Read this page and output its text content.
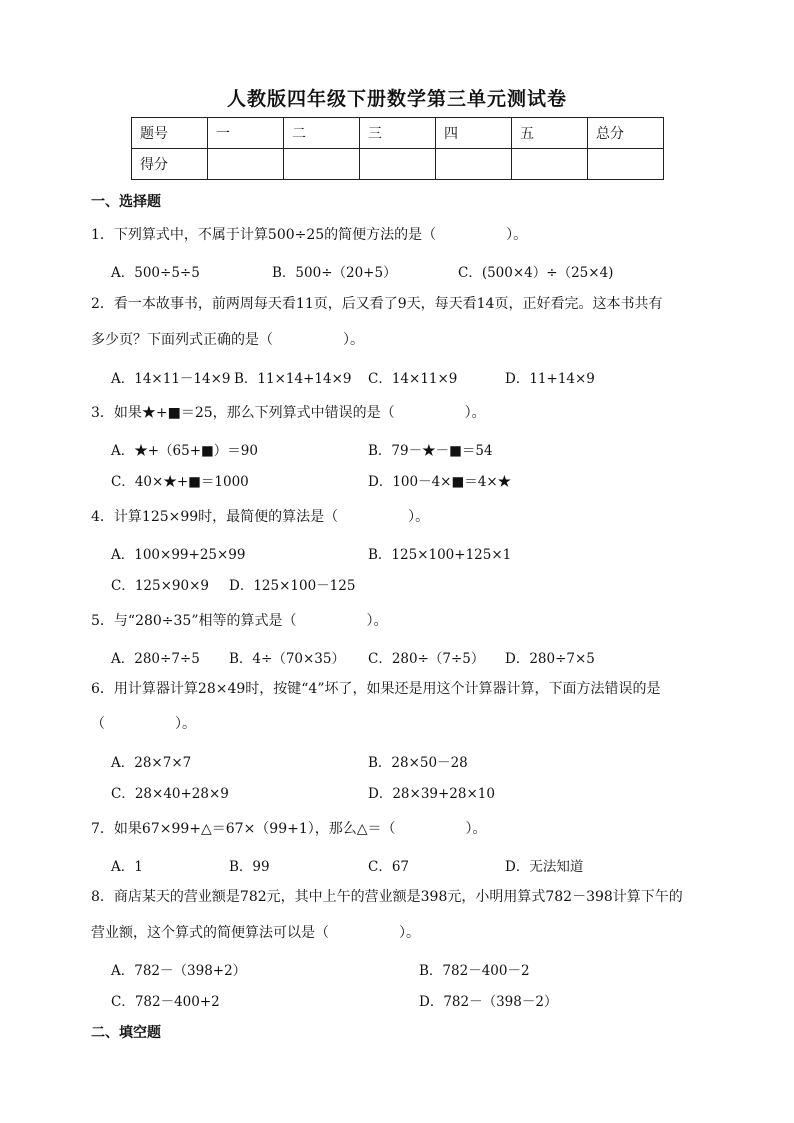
人教版四年级下册数学第三单元测试卷
题号	一	二	三	四	五	总分
得分						
一、选择题
1．下列算式中，不属于计算500÷25的简便方法的是（　　　　　）。
A．500÷5÷5	B．500÷（20+5）	C．(500×4）÷（25×4)
2．看一本故事书，前两周每天看11页，后又看了9天，每天看14页，正好看完。这本书共有
多少页？下面列式正确的是（　　　　　）。
A．14×11－14×9 B．11×14+14×9 C．14×11×9	D．11+14×9
3．如果★+■＝25，那么下列算式中错误的是（　　　　　）。
A．★+（65+■）＝90	B．79－★－■＝54
C．40×★+■＝1000	D．100－4×■＝4×★
4．计算125×99时，最简便的算法是（　　　　　）。
A．100×99+25×99	B．125×100+125×1
C．125×90×9 D．125×100－125
5．与“280÷35”相等的算式是（　　　　　）。
A．280÷7÷5 B．4÷（70×35） C．280÷（7÷5） D．280÷7×5
6．用计算器计算28×49时，按键“4”坏了，如果还是用这个计算器计算，下面方法错误的是
（　　　　　）。
A．28×7×7	B．28×50－28
C．28×40+28×9	D．28×39+28×10
7．如果67×99+△＝67×（99+1），那么△＝（　　　　　）。
A．1	B．99	C．67	D．无法知道
8．商店某天的营业额是782元，其中上午的营业额是398元，小明用算式782－398计算下午的
营业额，这个算式的简便算法可以是（　　　　　）。
A．782－（398+2）	B．782－400－2
C．782－400+2	D．782－（398－2）
二、填空题
